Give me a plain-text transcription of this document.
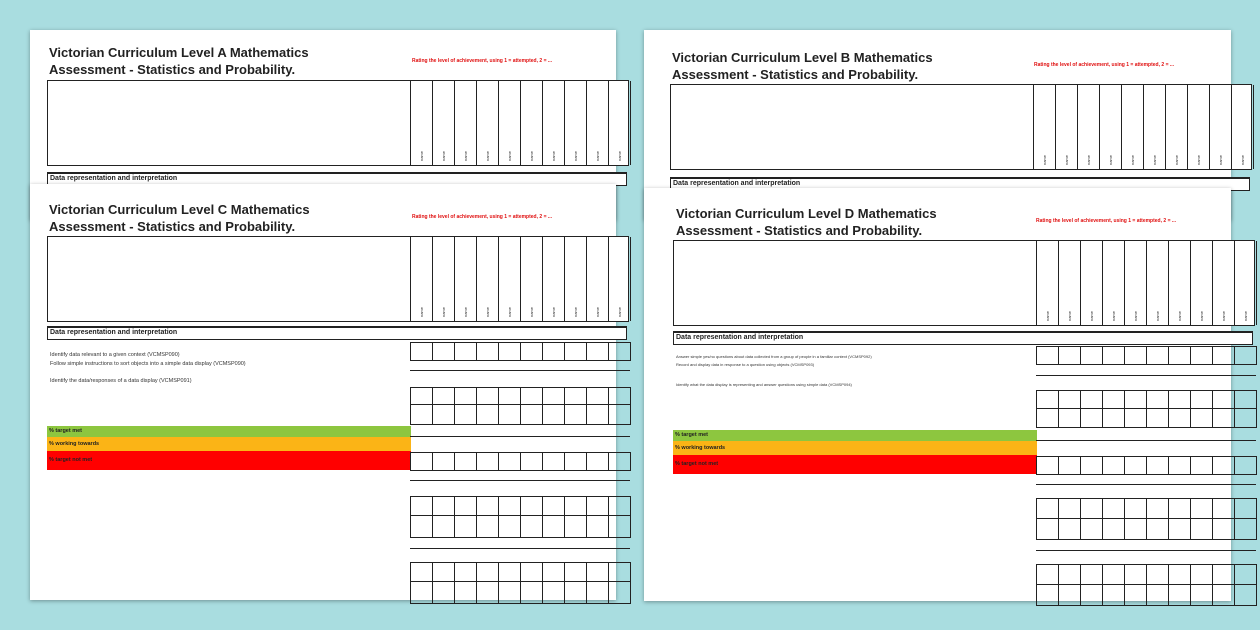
Victorian Curriculum Level A Mathematics
Assessment - Statistics and Probability.
Rating the level of achievement, using 1 = attempted, 2 = ...
name	name	name	name	name	name	name	name	name	name
Data representation and interpretation
Victorian Curriculum Level B Mathematics
Assessment - Statistics and Probability.
Rating the level of achievement, using 1 = attempted, 2 = ...
name	name	name	name	name	name	name	name	name	name
Data representation and interpretation
Victorian Curriculum Level C Mathematics
Assessment - Statistics and Probability.
Rating the level of achievement, using 1 = attempted, 2 = ...
name	name	name	name	name	name	name	name	name	name
Data representation and interpretation
Identify data relevant to a given context (VCMSP090)
Follow simple instructions to sort objects into a simple data display (VCMSP090)
Identify the data/responses of a data display (VCMSP091)
% target met
% working towards
% target not met
Victorian Curriculum Level D Mathematics
Assessment - Statistics and Probability.
Rating the level of achievement, using 1 = attempted, 2 = ...
name	name	name	name	name	name	name	name	name	name
Data representation and interpretation
Answer simple yes/no questions about data collected from a group of people in a familiar context (VCMSP092)
Record and display data in response to a question using objects (VCMSP093)
Identify what the data display is representing and answer questions using simple data (VCMSP094)
% target met
% working towards
% target not met
